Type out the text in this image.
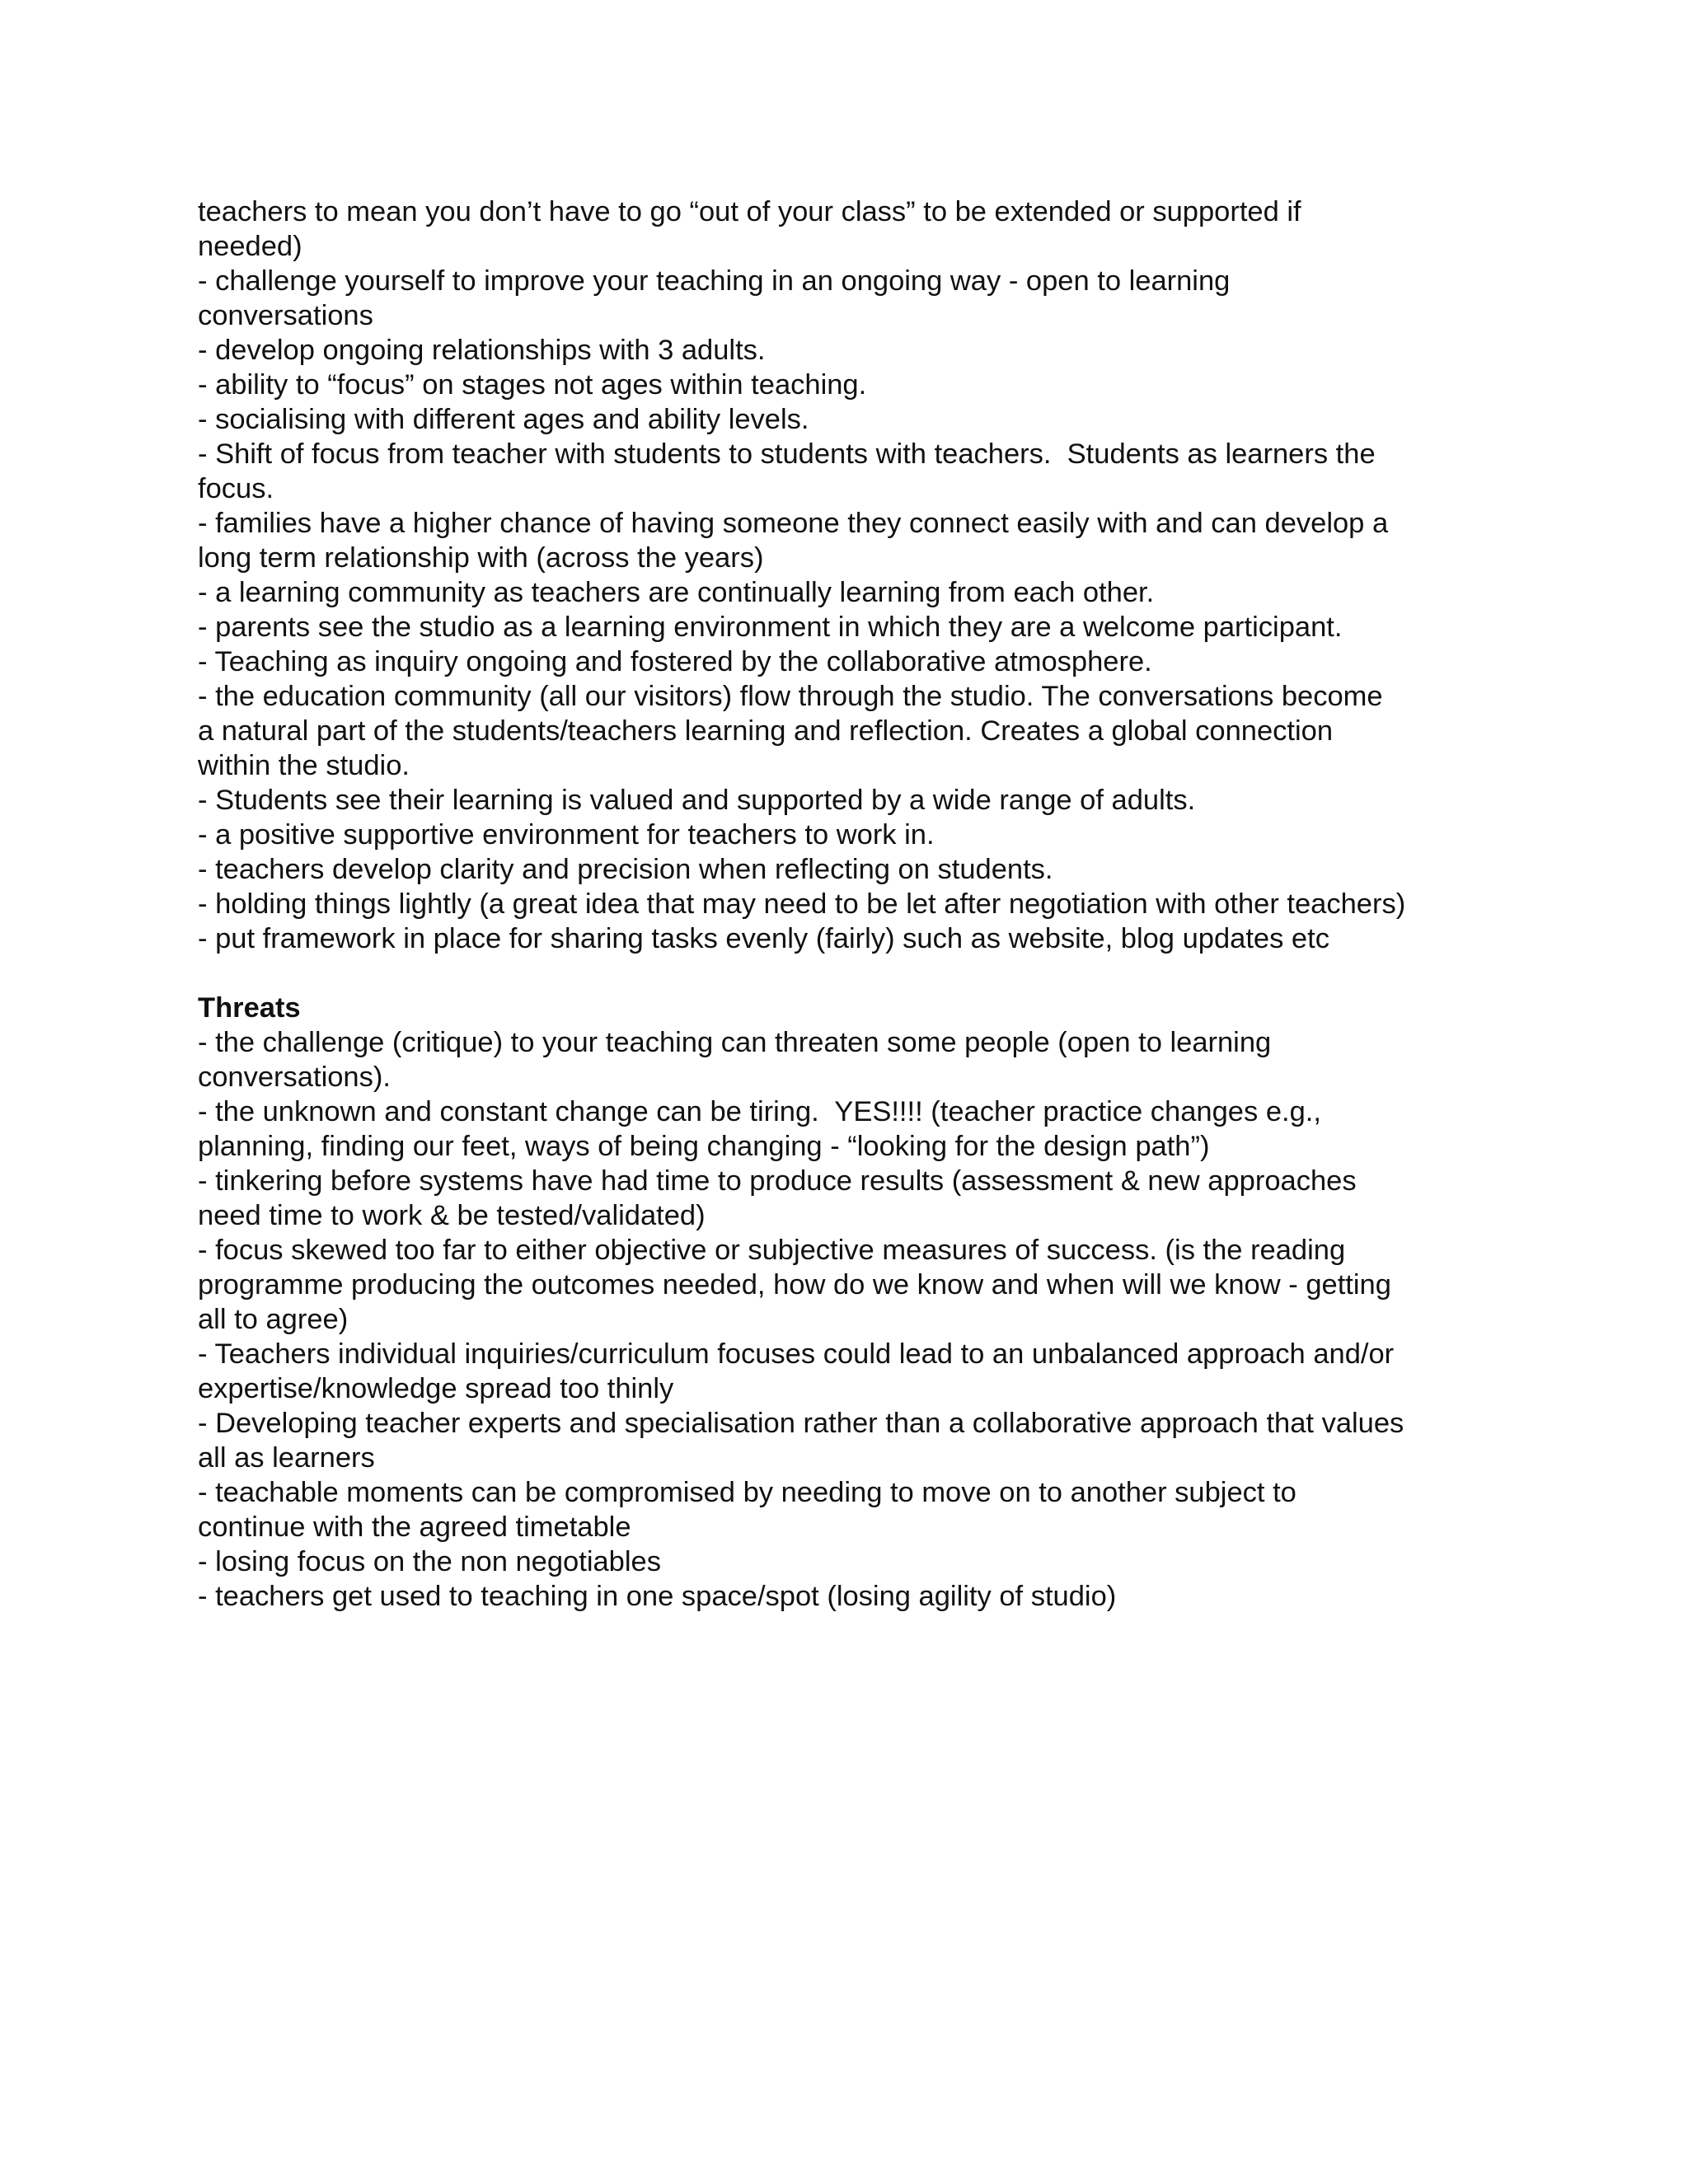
teachers to mean you don’t have to go “out of your class” to be extended or supported if
needed)
- challenge yourself to improve your teaching in an ongoing way - open to learning
conversations
- develop ongoing relationships with 3 adults.
- ability to “focus” on stages not ages within teaching.
- socialising with different ages and ability levels.
- Shift of focus from teacher with students to students with teachers.  Students as learners the
focus.
- families have a higher chance of having someone they connect easily with and can develop a
long term relationship with (across the years)
- a learning community as teachers are continually learning from each other.
- parents see the studio as a learning environment in which they are a welcome participant.
- Teaching as inquiry ongoing and fostered by the collaborative atmosphere.
- the education community (all our visitors) flow through the studio. The conversations become
a natural part of the students/teachers learning and reflection. Creates a global connection
within the studio.
- Students see their learning is valued and supported by a wide range of adults.
- a positive supportive environment for teachers to work in.
- teachers develop clarity and precision when reflecting on students.
- holding things lightly (a great idea that may need to be let after negotiation with other teachers)
- put framework in place for sharing tasks evenly (fairly) such as website, blog updates etc
Threats
- the challenge (critique) to your teaching can threaten some people (open to learning
conversations).
- the unknown and constant change can be tiring.  YES!!!! (teacher practice changes e.g.,
planning, finding our feet, ways of being changing - “looking for the design path”)
- tinkering before systems have had time to produce results (assessment & new approaches
need time to work & be tested/validated)
- focus skewed too far to either objective or subjective measures of success. (is the reading
programme producing the outcomes needed, how do we know and when will we know - getting
all to agree)
- Teachers individual inquiries/curriculum focuses could lead to an unbalanced approach and/or
expertise/knowledge spread too thinly
- Developing teacher experts and specialisation rather than a collaborative approach that values
all as learners
- teachable moments can be compromised by needing to move on to another subject to
continue with the agreed timetable
- losing focus on the non negotiables
- teachers get used to teaching in one space/spot (losing agility of studio)
